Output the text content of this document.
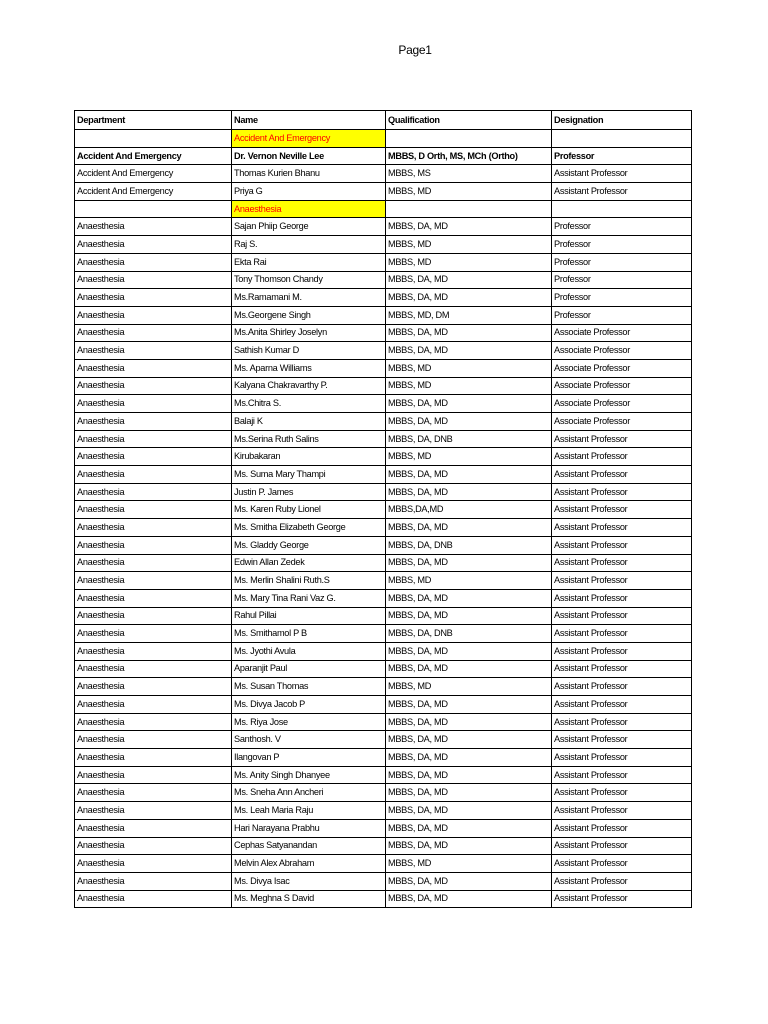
Page1
Department	Name	Qualification	Designation
	Accident And Emergency		
Accident And Emergency	Dr. Vernon Neville Lee	MBBS, D Orth, MS, MCh (Ortho)	Professor
Accident And Emergency	Thomas Kurien Bhanu	MBBS, MS	Assistant Professor
Accident And Emergency	Priya G	MBBS, MD	Assistant Professor
	Anaesthesia		
Anaesthesia	Sajan Phiip George	MBBS, DA, MD	Professor
Anaesthesia	Raj S.	MBBS, MD	Professor
Anaesthesia	Ekta Rai	MBBS, MD	Professor
Anaesthesia	Tony Thomson Chandy	MBBS, DA, MD	Professor
Anaesthesia	Ms.Ramamani M.	MBBS, DA, MD	Professor
Anaesthesia	Ms.Georgene Singh	MBBS, MD, DM	Professor
Anaesthesia	Ms.Anita Shirley Joselyn	MBBS, DA, MD	Associate Professor
Anaesthesia	Sathish Kumar D	MBBS, DA, MD	Associate Professor
Anaesthesia	Ms. Aparna Williams	MBBS, MD	Associate Professor
Anaesthesia	Kalyana Chakravarthy P.	MBBS, MD	Associate Professor
Anaesthesia	Ms.Chitra S.	MBBS, DA, MD	Associate Professor
Anaesthesia	Balaji K	MBBS, DA, MD	Associate Professor
Anaesthesia	Ms.Serina Ruth Salins	MBBS, DA, DNB	Assistant Professor
Anaesthesia	Kirubakaran	MBBS, MD	Assistant Professor
Anaesthesia	Ms. Suma Mary Thampi	MBBS, DA, MD	Assistant Professor
Anaesthesia	Justin P. James	MBBS, DA, MD	Assistant Professor
Anaesthesia	Ms. Karen Ruby Lionel	MBBS,DA,MD	Assistant Professor
Anaesthesia	Ms. Smitha Elizabeth George	MBBS, DA, MD	Assistant Professor
Anaesthesia	Ms. Gladdy George	MBBS, DA, DNB	Assistant Professor
Anaesthesia	Edwin Allan Zedek	MBBS, DA, MD	Assistant Professor
Anaesthesia	Ms. Merlin Shalini Ruth.S	MBBS, MD	Assistant Professor
Anaesthesia	Ms. Mary Tina Rani Vaz G.	MBBS, DA, MD	Assistant Professor
Anaesthesia	Rahul Pillai	MBBS, DA, MD	Assistant Professor
Anaesthesia	Ms. Smithamol P B	MBBS, DA, DNB	Assistant Professor
Anaesthesia	Ms. Jyothi Avula	MBBS, DA, MD	Assistant Professor
Anaesthesia	Aparanjit Paul	MBBS, DA, MD	Assistant Professor
Anaesthesia	Ms. Susan Thomas	MBBS, MD	Assistant Professor
Anaesthesia	Ms. Divya Jacob P	MBBS, DA, MD	Assistant Professor
Anaesthesia	Ms. Riya Jose	MBBS, DA, MD	Assistant Professor
Anaesthesia	Santhosh. V	MBBS, DA, MD	Assistant Professor
Anaesthesia	Ilangovan P	MBBS, DA, MD	Assistant Professor
Anaesthesia	Ms. Anity Singh Dhanyee	MBBS, DA, MD	Assistant Professor
Anaesthesia	Ms. Sneha Ann Ancheri	MBBS, DA, MD	Assistant Professor
Anaesthesia	Ms. Leah Maria Raju	MBBS, DA, MD	Assistant Professor
Anaesthesia	Hari Narayana Prabhu	MBBS, DA, MD	Assistant Professor
Anaesthesia	Cephas Satyanandan	MBBS, DA, MD	Assistant Professor
Anaesthesia	Melvin Alex Abraham	MBBS, MD	Assistant Professor
Anaesthesia	Ms. Divya Isac	MBBS, DA, MD	Assistant Professor
Anaesthesia	Ms. Meghna S David	MBBS, DA, MD	Assistant Professor
